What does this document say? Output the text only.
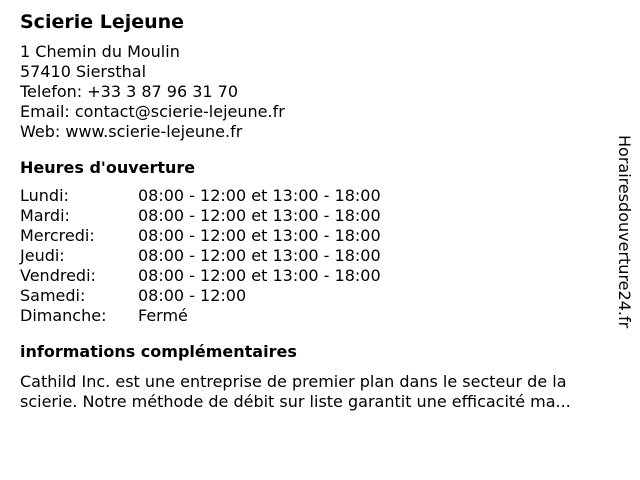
Scierie Lejeune
1 Chemin du Moulin
57410 Siersthal
Telefon: +33 3 87 96 31 70
Email: contact@scierie-lejeune.fr
Web: www.scierie-lejeune.fr
Heures d'ouverture
Lundi:	08:00 - 12:00 et 13:00 - 18:00
Mardi:	08:00 - 12:00 et 13:00 - 18:00
Mercredi:	08:00 - 12:00 et 13:00 - 18:00
Jeudi:	08:00 - 12:00 et 13:00 - 18:00
Vendredi:	08:00 - 12:00 et 13:00 - 18:00
Samedi:	08:00 - 12:00
Dimanche:	Fermé
informations complémentaires
Cathild Inc. est une entreprise de premier plan dans le secteur de la scierie. Notre méthode de débit sur liste garantit une efficacité ma...
Horairesdouverture24.fr
